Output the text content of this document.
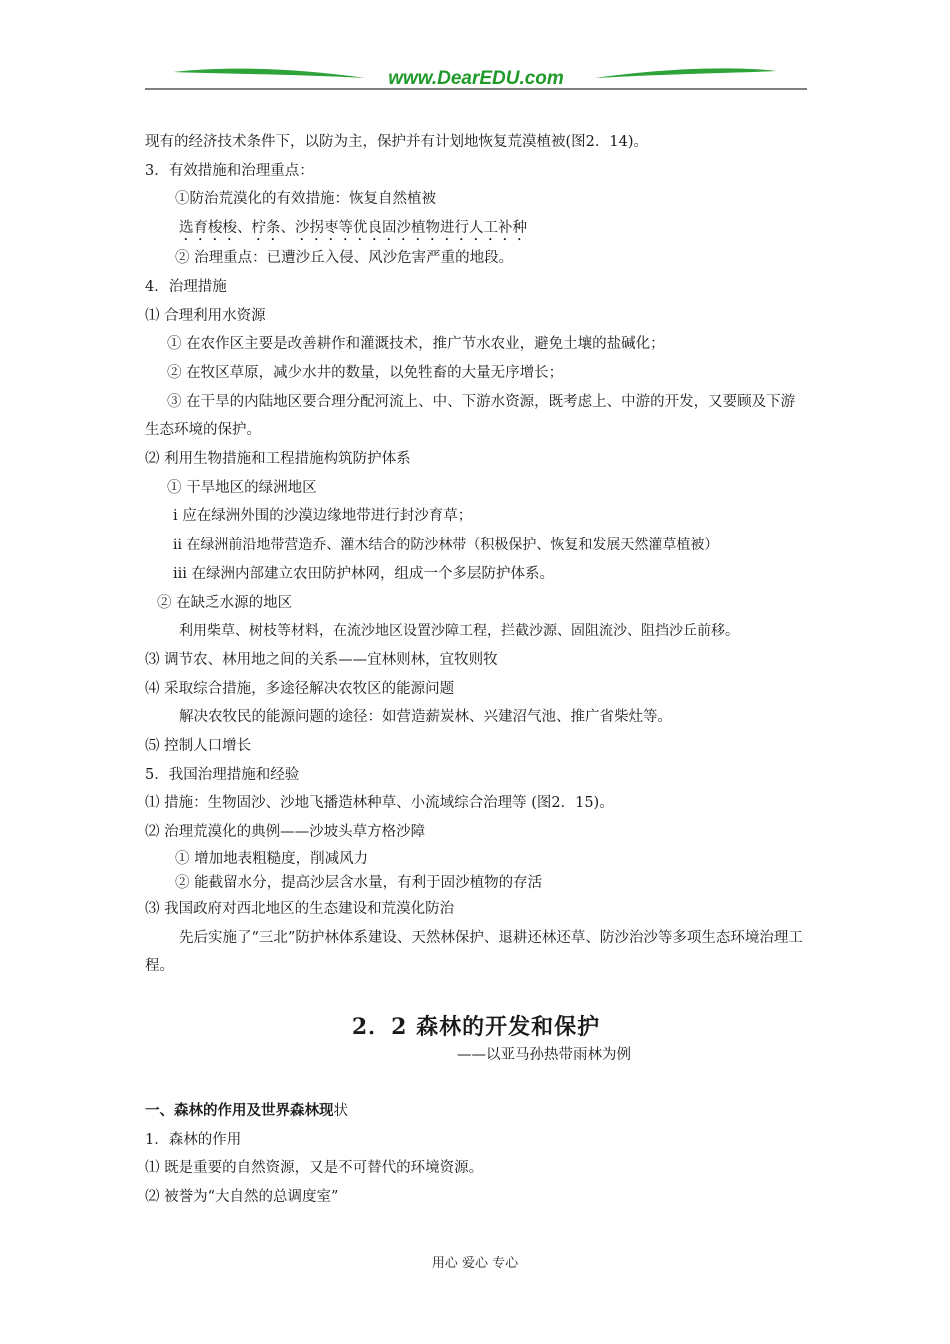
www.DearEDU.com
现有的经济技术条件下，以防为主，保护并有计划地恢复荒漠植被(图2．14)。
3．有效措施和治理重点：
①防治荒漠化的有效措施：恢复自然植被
选育梭梭、柠条、沙拐枣等优良固沙植物进行人工补种
② 治理重点：已遭沙丘入侵、风沙危害严重的地段。
4．治理措施
⑴ 合理利用水资源
① 在农作区主要是改善耕作和灌溉技术，推广节水农业，避免土壤的盐碱化；
② 在牧区草原，减少水井的数量，以免牲畜的大量无序增长；
③ 在干旱的内陆地区要合理分配河流上、中、下游水资源，既考虑上、中游的开发，又要顾及下游生态环境的保护。
⑵ 利用生物措施和工程措施构筑防护体系
① 干旱地区的绿洲地区
ⅰ 应在绿洲外围的沙漠边缘地带进行封沙育草；
ⅱ 在绿洲前沿地带营造乔、灌木结合的防沙林带（积极保护、恢复和发展天然灌草植被）
ⅲ 在绿洲内部建立农田防护林网，组成一个多层防护体系。
② 在缺乏水源的地区
利用柴草、树枝等材料，在流沙地区设置沙障工程，拦截沙源、固阻流沙、阻挡沙丘前移。
⑶ 调节农、林用地之间的关系——宜林则林，宜牧则牧
⑷ 采取综合措施，多途径解决农牧区的能源问题
解决农牧民的能源问题的途径：如营造薪炭林、兴建沼气池、推广省柴灶等。
⑸ 控制人口增长
5．我国治理措施和经验
⑴ 措施：生物固沙、沙地飞播造林种草、小流域综合治理等 (图2．15)。
⑵ 治理荒漠化的典例——沙坡头草方格沙障
① 增加地表粗糙度，削减风力
② 能截留水分，提高沙层含水量，有利于固沙植物的存活
⑶ 我国政府对西北地区的生态建设和荒漠化防治
先后实施了“三北”防护林体系建设、天然林保护、退耕还林还草、防沙治沙等多项生态环境治理工程。
2．2 森林的开发和保护
——以亚马孙热带雨林为例
一、森林的作用及世界森林现状
1．森林的作用
⑴ 既是重要的自然资源，又是不可替代的环境资源。
⑵ 被誉为“大自然的总调度室”
用心 爱心 专心
